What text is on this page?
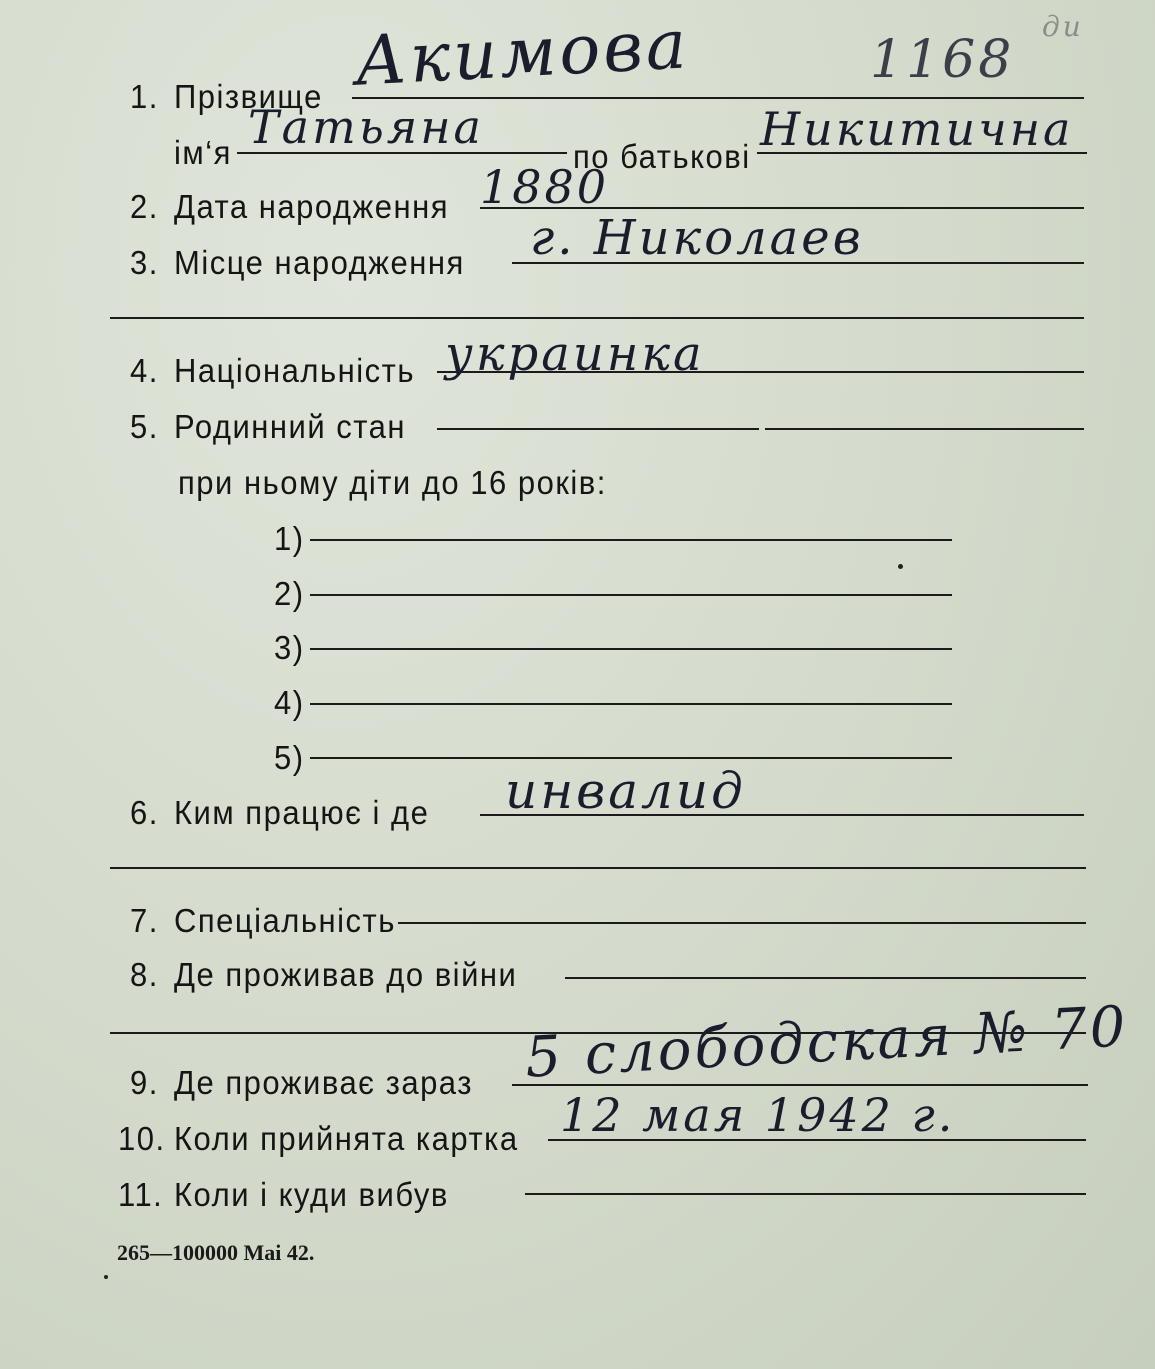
1. Прізвище Акимова	1168
ди
ім‘я Татьяна
по батькові
Никитична
2. Дата народження 1880
3. Місце народження г. Николаев
4. Національність украинка
5. Родинний стан
при ньому діти до 16 років:
1)
2)
3)
4)
5)
6. Ким працює і де инвалид
7. Спеціальність
8. Де проживав до війни
9. Де проживає зараз 5 слободская № 70
10. Коли прийнята картка 12 мая 1942 г.
11. Коли і куди вибув
265—100000 Mai 42.
